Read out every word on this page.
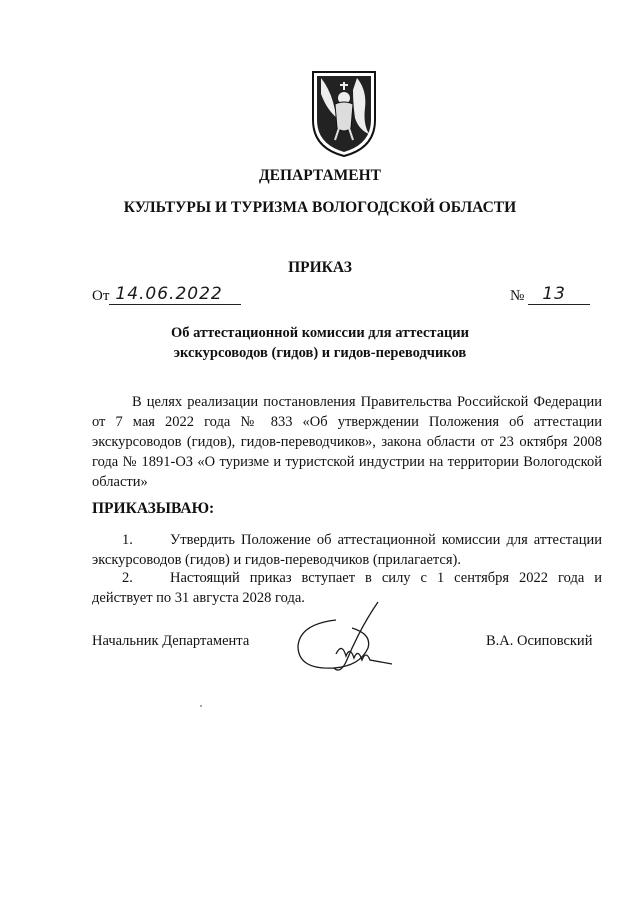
ДЕПАРТАМЕНТ
КУЛЬТУРЫ И ТУРИЗМА ВОЛОГОДСКОЙ ОБЛАСТИ
ПРИКАЗ
От 14.06.2022	№ 13
Об аттестационной комиссии для аттестации
экскурсоводов (гидов) и гидов-переводчиков
В целях реализации постановления Правительства Российской Федерации от 7 мая 2022 года № 833 «Об утверждении Положения об аттестации экскурсоводов (гидов), гидов-переводчиков», закона области от 23 октября 2008 года № 1891-ОЗ «О туризме и туристской индустрии на территории Вологодской области»
ПРИКАЗЫВАЮ:
1.	Утвердить Положение об аттестационной комиссии для аттестации экскурсоводов (гидов) и гидов-переводчиков (прилагается).
2.	Настоящий приказ вступает в силу с 1 сентября 2022 года и действует по 31 августа 2028 года.
Начальник Департамента	В.А. Осиповский
